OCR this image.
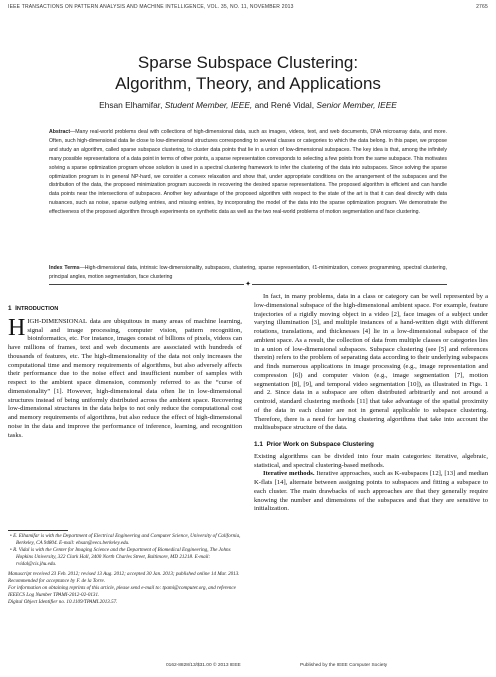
IEEE TRANSACTIONS ON PATTERN ANALYSIS AND MACHINE INTELLIGENCE, VOL. 35, NO. 11, NOVEMBER 2013	2765
Sparse Subspace Clustering:
Algorithm, Theory, and Applications
Ehsan Elhamifar, Student Member, IEEE, and René Vidal, Senior Member, IEEE
Abstract—Many real-world problems deal with collections of high-dimensional data, such as images, videos, text, and web documents, DNA microarray data, and more. Often, such high-dimensional data lie close to low-dimensional structures corresponding to several classes or categories to which the data belong. In this paper, we propose and study an algorithm, called sparse subspace clustering, to cluster data points that lie in a union of low-dimensional subspaces. The key idea is that, among the infinitely many possible representations of a data point in terms of other points, a sparse representation corresponds to selecting a few points from the same subspace. This motivates solving a sparse optimization program whose solution is used in a spectral clustering framework to infer the clustering of the data into subspaces. Since solving the sparse optimization program is in general NP-hard, we consider a convex relaxation and show that, under appropriate conditions on the arrangement of the subspaces and the distribution of the data, the proposed minimization program succeeds in recovering the desired sparse representations. The proposed algorithm is efficient and can handle data points near the intersections of subspaces. Another key advantage of the proposed algorithm with respect to the state of the art is that it can deal directly with data nuisances, such as noise, sparse outlying entries, and missing entries, by incorporating the model of the data into the sparse optimization program. We demonstrate the effectiveness of the proposed algorithm through experiments on synthetic data as well as the two real-world problems of motion segmentation and face clustering.
Index Terms—High-dimensional data, intrinsic low-dimensionality, subspaces, clustering, sparse representation, ℓ1-minimization, convex programming, spectral clustering, principal angles, motion segmentation, face clustering
✦
1 INTRODUCTION

HIGH-DIMENSIONAL data are ubiquitous in many areas of machine learning, signal and image processing, computer vision, pattern recognition, bioinformatics, etc. For instance, images consist of billions of pixels, videos can have millions of frames, text and web documents are associated with hundreds of thousands of features, etc. The high-dimensionality of the data not only increases the computational time and memory requirements of algorithms, but also adversely affects their performance due to the noise effect and insufficient number of samples with respect to the ambient space dimension, commonly referred to as the “curse of dimensionality” [1]. However, high-dimensional data often lie in low-dimensional structures instead of being uniformly distributed across the ambient space. Recovering low-dimensional structures in the data helps to not only reduce the computational cost and memory requirements of algorithms, but also reduce the effect of high-dimensional noise in the data and improve the performance of inference, learning, and recognition tasks.

• E. Elhamifar is with the Department of Electrical Engineering and Computer Science, University of California, Berkeley, CA 94804. E-mail: ehsan@eecs.berkeley.edu.
• R. Vidal is with the Center for Imaging Science and the Department of Biomedical Engineering, The Johns Hopkins University, 322 Clark Hall, 3400 North Charles Street, Baltimore, MD 21218. E-mail: rvidal@cis.jhu.edu.
Manuscript received 23 Feb. 2012; revised 13 Aug. 2012; accepted 30 Jan. 2013; published online 14 Mar. 2013.
Recommended for acceptance by F. de la Torre.
For information on obtaining reprints of this article, please send e-mail to: tpami@computer.org, and reference IEEECS Log Number TPAMI-2012-02-0131.
Digital Object Identifier no. 10.1109/TPAMI.2013.57.

In fact, in many problems, data in a class or category can be well represented by a low-dimensional subspace of the high-dimensional ambient space. For example, feature trajectories of a rigidly moving object in a video [2], face images of a subject under varying illumination [3], and multiple instances of a hand-written digit with different rotations, translations, and thicknesses [4] lie in a low-dimensional subspace of the ambient space. As a result, the collection of data from multiple classes or categories lies in a union of low-dimensional subspaces. Subspace clustering (see [5] and references therein) refers to the problem of separating data according to their underlying subspaces and finds numerous applications in image processing (e.g., image representation and compression [6]) and computer vision (e.g., image segmentation [7], motion segmentation [8], [9], and temporal video segmentation [10]), as illustrated in Figs. 1 and 2. Since data in a subspace are often distributed arbitrarily and not around a centroid, standard clustering methods [11] that take advantage of the spatial proximity of the data in each cluster are not in general applicable to subspace clustering. Therefore, there is a need for having clustering algorithms that take into account the multisubspace structure of the data.

1.1 Prior Work on Subspace Clustering

Existing algorithms can be divided into four main categories: iterative, algebraic, statistical, and spectral clustering-based methods.

Iterative methods. Iterative approaches, such as K-subspaces [12], [13] and median K-flats [14], alternate between assigning points to subspaces and fitting a subspace to each cluster. The main drawbacks of such approaches are that they generally require knowing the number and dimensions of the subspaces and that they are sensitive to initialization.

0162-8828/13/$31.00 © 2013 IEEE	Published by the IEEE Computer Society
